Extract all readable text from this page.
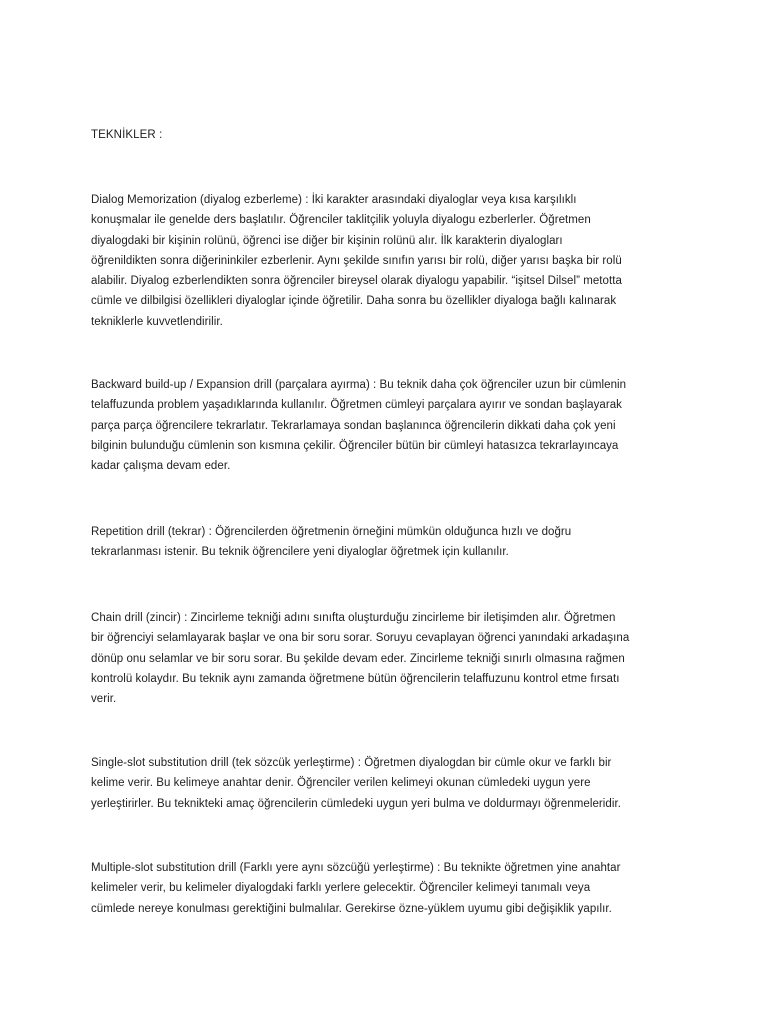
TEKNİKLER :
Dialog Memorization (diyalog ezberleme) : İki karakter arasındaki diyaloglar veya kısa karşılıklı
konuşmalar ile genelde ders başlatılır. Öğrenciler taklitçilik yoluyla diyalogu ezberlerler. Öğretmen
diyalogdaki bir kişinin rolünü, öğrenci ise diğer bir kişinin rolünü alır. İlk karakterin diyalogları
öğrenildikten sonra diğerininkiler ezberlenir. Aynı şekilde sınıfın yarısı bir rolü, diğer yarısı başka bir rolü
alabilir. Diyalog ezberlendikten sonra öğrenciler bireysel olarak diyalogu yapabilir. “işitsel Dilsel” metotta
cümle ve dilbilgisi özellikleri diyaloglar içinde öğretilir. Daha sonra bu özellikler diyaloga bağlı kalınarak
tekniklerle kuvvetlendirilir.
Backward build-up / Expansion drill (parçalara ayırma) : Bu teknik daha çok öğrenciler uzun bir cümlenin
telaffuzunda problem yaşadıklarında kullanılır. Öğretmen cümleyi parçalara ayırır ve sondan başlayarak
parça parça öğrencilere tekrarlatır. Tekrarlamaya sondan başlanınca öğrencilerin dikkati daha çok yeni
bilginin bulunduğu cümlenin son kısmına çekilir. Öğrenciler bütün bir cümleyi hatasızca tekrarlayıncaya
kadar çalışma devam eder.
Repetition drill (tekrar) : Öğrencilerden öğretmenin örneğini mümkün olduğunca hızlı ve doğru
tekrarlanması istenir. Bu teknik öğrencilere yeni diyaloglar öğretmek için kullanılır.
Chain drill (zincir) : Zincirleme tekniği adını sınıfta oluşturduğu zincirleme bir iletişimden alır. Öğretmen
bir öğrenciyi selamlayarak başlar ve ona bir soru sorar. Soruyu cevaplayan öğrenci yanındaki arkadaşına
dönüp onu selamlar ve bir soru sorar. Bu şekilde devam eder. Zincirleme tekniği sınırlı olmasına rağmen
kontrolü kolaydır. Bu teknik aynı zamanda öğretmene bütün öğrencilerin telaffuzunu kontrol etme fırsatı
verir.
Single-slot substitution drill (tek sözcük yerleştirme) : Öğretmen diyalogdan bir cümle okur ve farklı bir
kelime verir. Bu kelimeye anahtar denir. Öğrenciler verilen kelimeyi okunan cümledeki uygun yere
yerleştirirler. Bu teknikteki amaç öğrencilerin cümledeki uygun yeri bulma ve doldurmayı öğrenmeleridir.
Multiple-slot substitution drill (Farklı yere aynı sözcüğü yerleştirme) : Bu teknikte öğretmen yine anahtar
kelimeler verir, bu kelimeler diyalogdaki farklı yerlere gelecektir. Öğrenciler kelimeyi tanımalı veya
cümlede nereye konulması gerektiğini bulmalılar. Gerekirse özne-yüklem uyumu gibi değişiklik yapılır.
